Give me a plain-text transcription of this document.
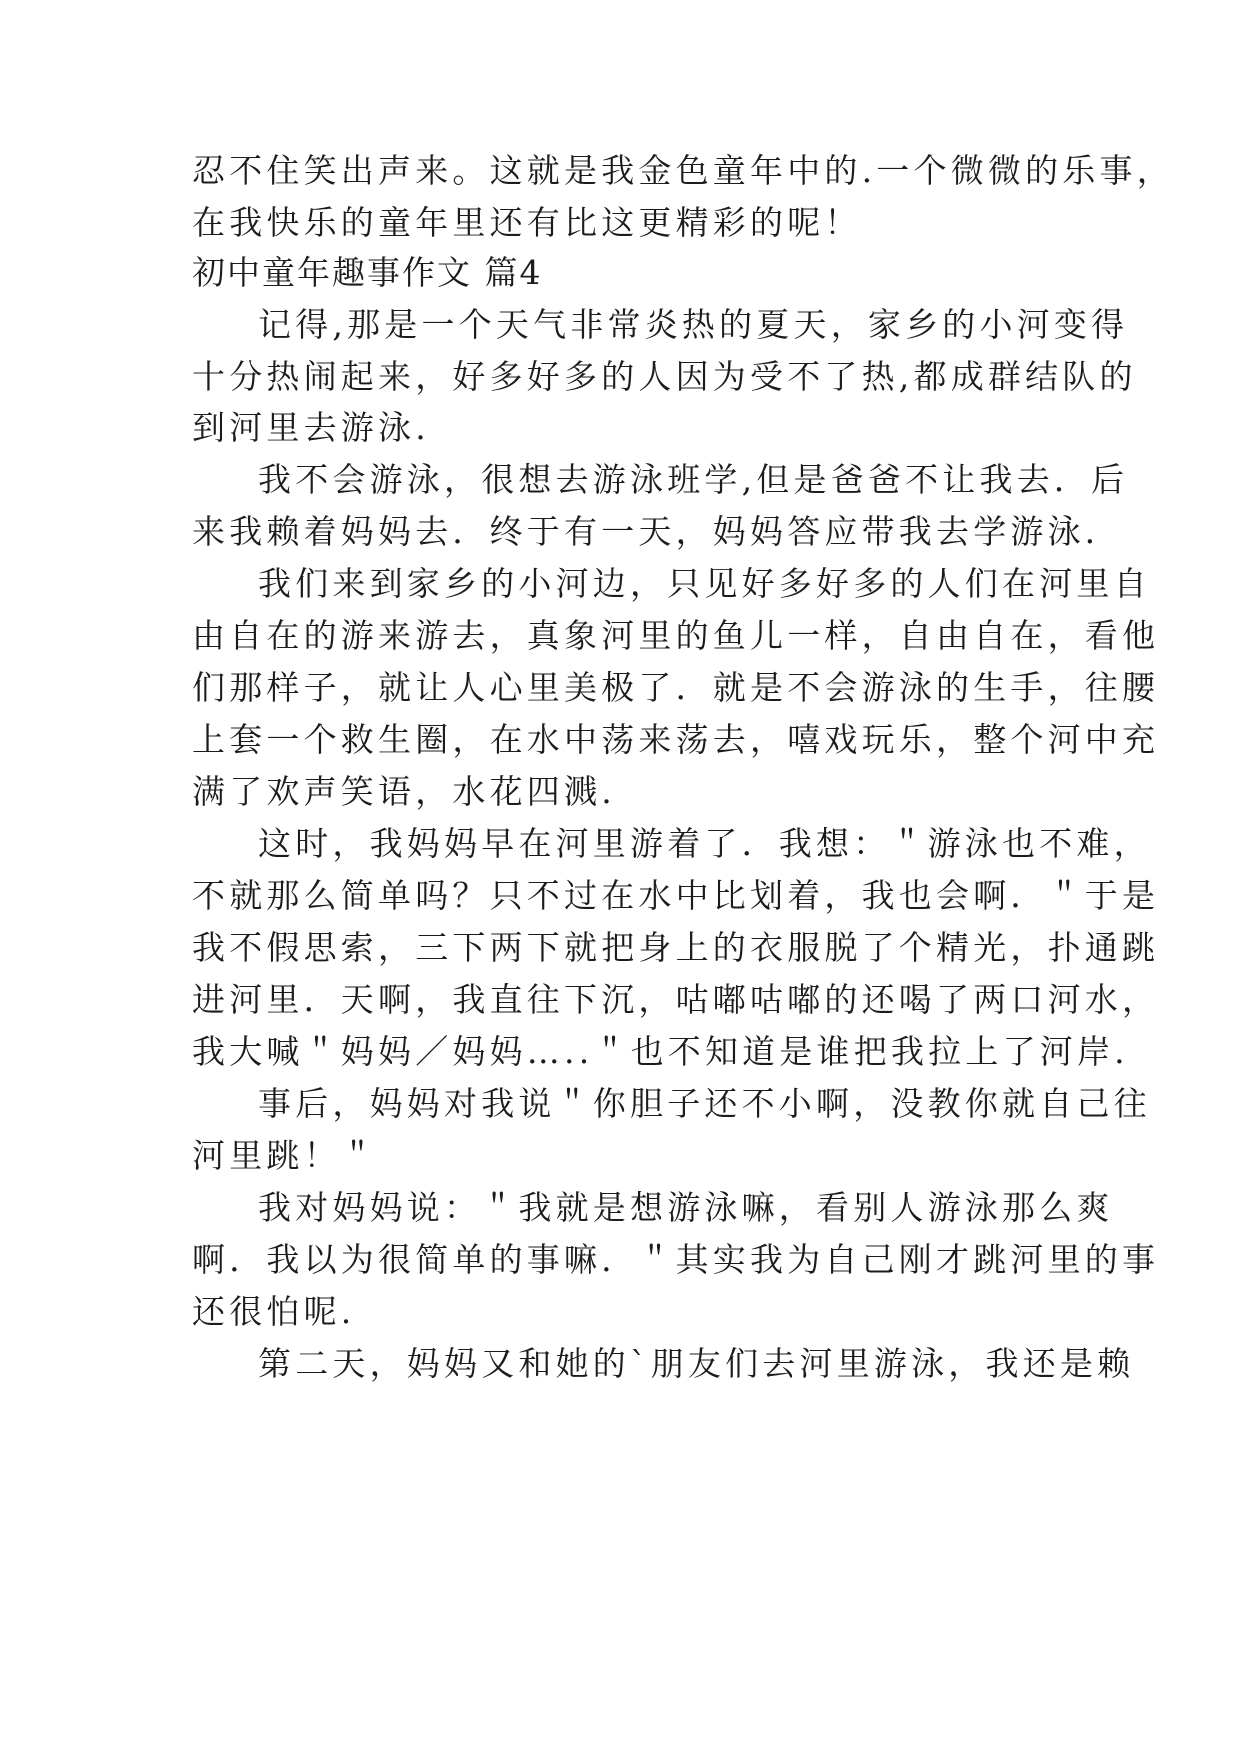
忍不住笑出声来。这就是我金色童年中的.一个微微的乐事，
在我快乐的童年里还有比这更精彩的呢！
初中童年趣事作文 篇4
记得,那是一个天气非常炎热的夏天，家乡的小河变得
十分热闹起来，好多好多的人因为受不了热,都成群结队的
到河里去游泳.
我不会游泳，很想去游泳班学,但是爸爸不让我去．后
来我赖着妈妈去．终于有一天，妈妈答应带我去学游泳．
我们来到家乡的小河边，只见好多好多的人们在河里自
由自在的游来游去，真象河里的鱼儿一样，自由自在，看他
们那样子，就让人心里美极了．就是不会游泳的生手，往腰
上套一个救生圈，在水中荡来荡去，嘻戏玩乐，整个河中充
满了欢声笑语，水花四溅.
这时，我妈妈早在河里游着了．我想：＂游泳也不难，
不就那么简单吗？只不过在水中比划着，我也会啊．＂于是
我不假思索，三下两下就把身上的衣服脱了个精光，扑通跳
进河里．天啊，我直往下沉，咕嘟咕嘟的还喝了两口河水，
我大喊＂妈妈／妈妈…..＂也不知道是谁把我拉上了河岸.
事后，妈妈对我说＂你胆子还不小啊，没教你就自己往
河里跳！＂
我对妈妈说：＂我就是想游泳嘛，看别人游泳那么爽
啊．我以为很简单的事嘛．＂其实我为自己刚才跳河里的事
还很怕呢.
第二天，妈妈又和她的`朋友们去河里游泳，我还是赖
